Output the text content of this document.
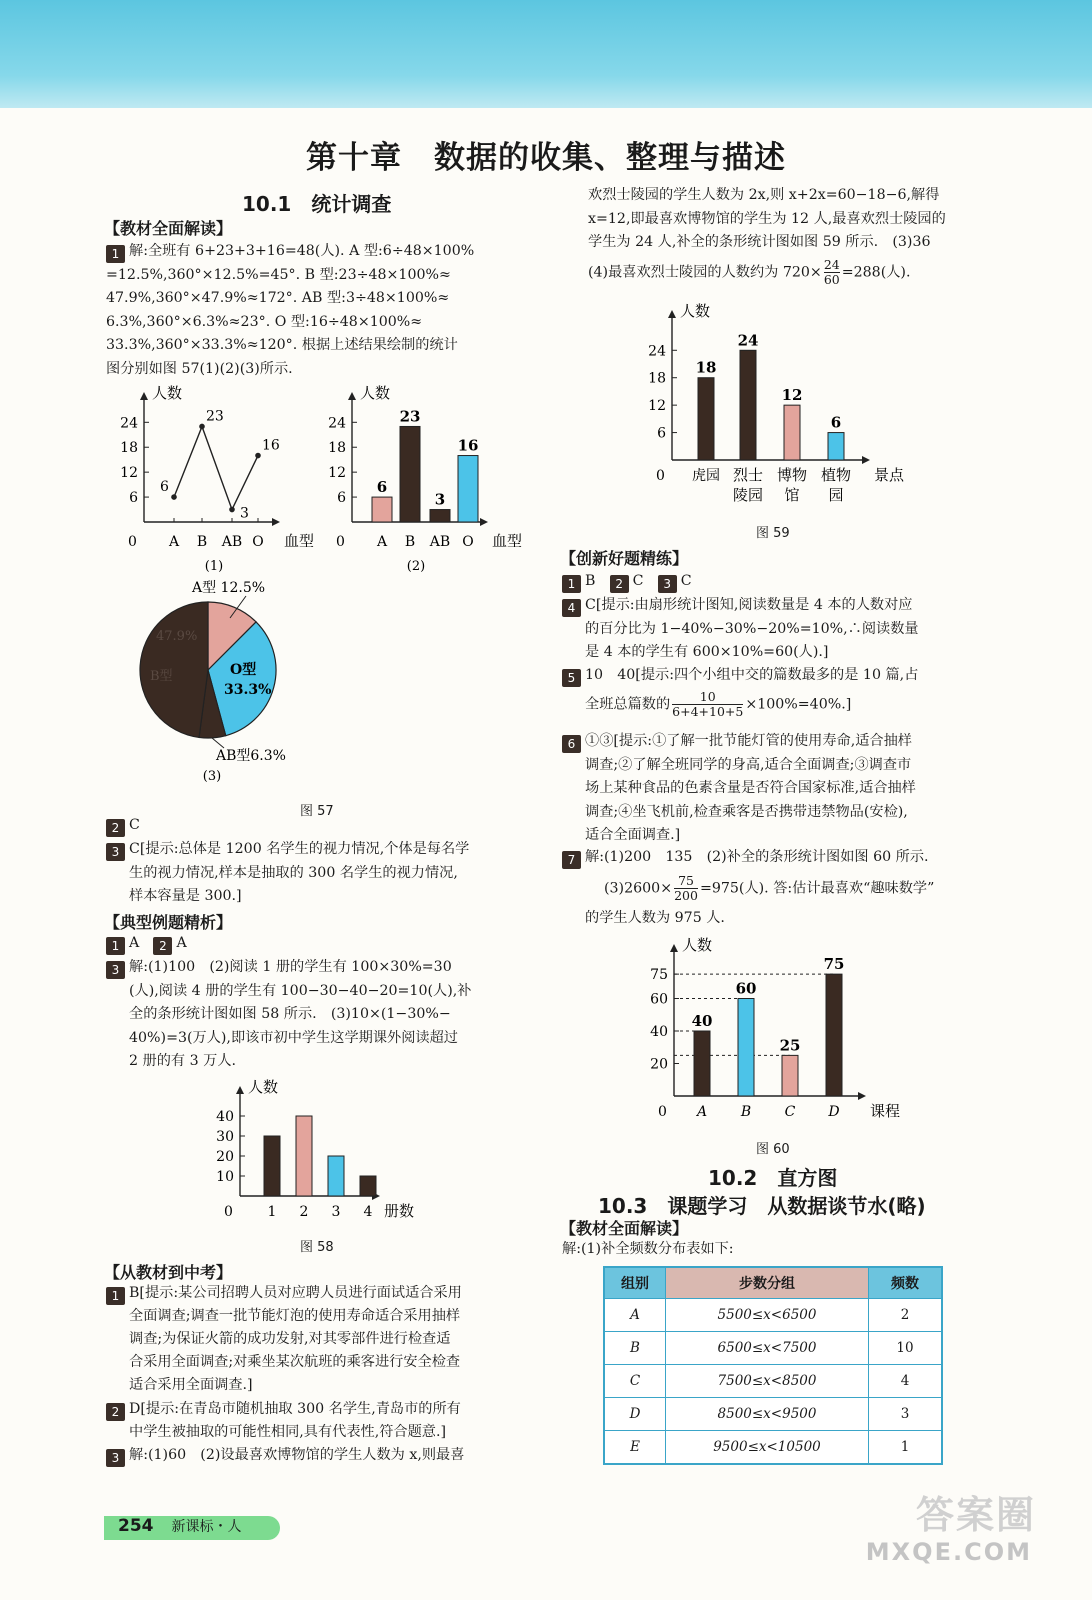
第十章　数据的收集、整理与描述
10.1　统计调查
【教材全面解读】
1 解:全班有 6+23+3+16=48(人). A 型:6÷48×100%
=12.5%,360°×12.5%=45°. B 型:23÷48×100%≈
47.9%,360°×47.9%≈172°. AB 型:3÷48×100%≈
6.3%,360°×6.3%≈23°. O 型:16÷48×100%≈
33.3%,360°×33.3%≈120°. 根据上述结果绘制的统计
图分别如图 57(1)(2)(3)所示.
人数
血型
0
6
12
18
24
6
A
23
B
3
AB
16
O
(1)
人数
血型
0
6
12
18
24
6
A
23
B
3
AB
16
O
(2)
A型 12.5%
O型
33.3%
AB型6.3%
47.9%
B型
(3)
图 57
2 C
3 C[提示:总体是 1200 名学生的视力情况,个体是每名学
生的视力情况,样本是抽取的 300 名学生的视力情况,
样本容量是 300.]
【典型例题精析】
1 A　 2 A
3 解:(1)100　(2)阅读 1 册的学生有 100×30%=30
(人),阅读 4 册的学生有 100−30−40−20=10(人),补
全的条形统计图如图 58 所示.　(3)10×(1−30%−
40%)=3(万人),即该市初中学生这学期课外阅读超过
2 册的有 3 万人.
人数
册数
0
10
20
30
40
1 2 3 4
图 58
【从教材到中考】
1 B[提示:某公司招聘人员对应聘人员进行面试适合采用
全面调查;调查一批节能灯泡的使用寿命适合采用抽样
调查;为保证火箭的成功发射,对其零部件进行检查适
合采用全面调查;对乘坐某次航班的乘客进行安全检查
适合采用全面调查.]
2 D[提示:在青岛市随机抽取 300 名学生,青岛市的所有
中学生被抽取的可能性相同,具有代表性,符合题意.]
3 解:(1)60　(2)设最喜欢博物馆的学生人数为 x,则最喜
254 新课标・人
欢烈士陵园的学生人数为 2x,则 x+2x=60−18−6,解得
x=12,即最喜欢博物馆的学生为 12 人,最喜欢烈士陵园的
学生为 24 人,补全的条形统计图如图 59 所示.　(3)36
(4)最喜欢烈士陵园的人数约为 $720\times \frac{24}{60} =288$(人).
人数
景点
0
6
12
18
24
18
虎园
24
烈士
陵园
12
博物
馆
6
植物
园
图 59
【创新好题精练】
1 B　 2 C　 3 C
4 C[提示:由扇形统计图知,阅读数量是 4 本的人数对应
的百分比为 1−40%−30%−20%=10%,∴阅读数量
是 4 本的学生有 600×10%=60(人).]
5 10　40[提示:四个小组中交的篇数最多的是 10 篇,占
全班总篇数的 $\frac{10}{6+4+10+5} \times 100\%=40\%$.]
6 ①③[提示:①了解一批节能灯管的使用寿命,适合抽样
调查;②了解全班同学的身高,适合全面调查;③调查市
场上某种食品的色素含量是否符合国家标准,适合抽样
调查;④坐飞机前,检查乘客是否携带违禁物品(安检),
适合全面调查.]
7 解:(1)200　135　(2)补全的条形统计图如图 60 所示.
$(3)2600\times \frac{75}{200} =975$(人). 答:估计最喜欢“趣味数学”
的学生人数为 975 人.
人数
课程
0
20
40
60
75
40
A
60
B
25
C
75
D
图 60
10.2　直方图
10.3　课题学习　从数据谈节水(略)
【教材全面解读】
解:(1)补全频数分布表如下:
组别	步数分组	频数
A	5500≤x<6500	2
B	6500≤x<7500	10
C	7500≤x<8500	4
D	8500≤x<9500	3
E	9500≤x<10500	1
答案圈
MXQE.COM
